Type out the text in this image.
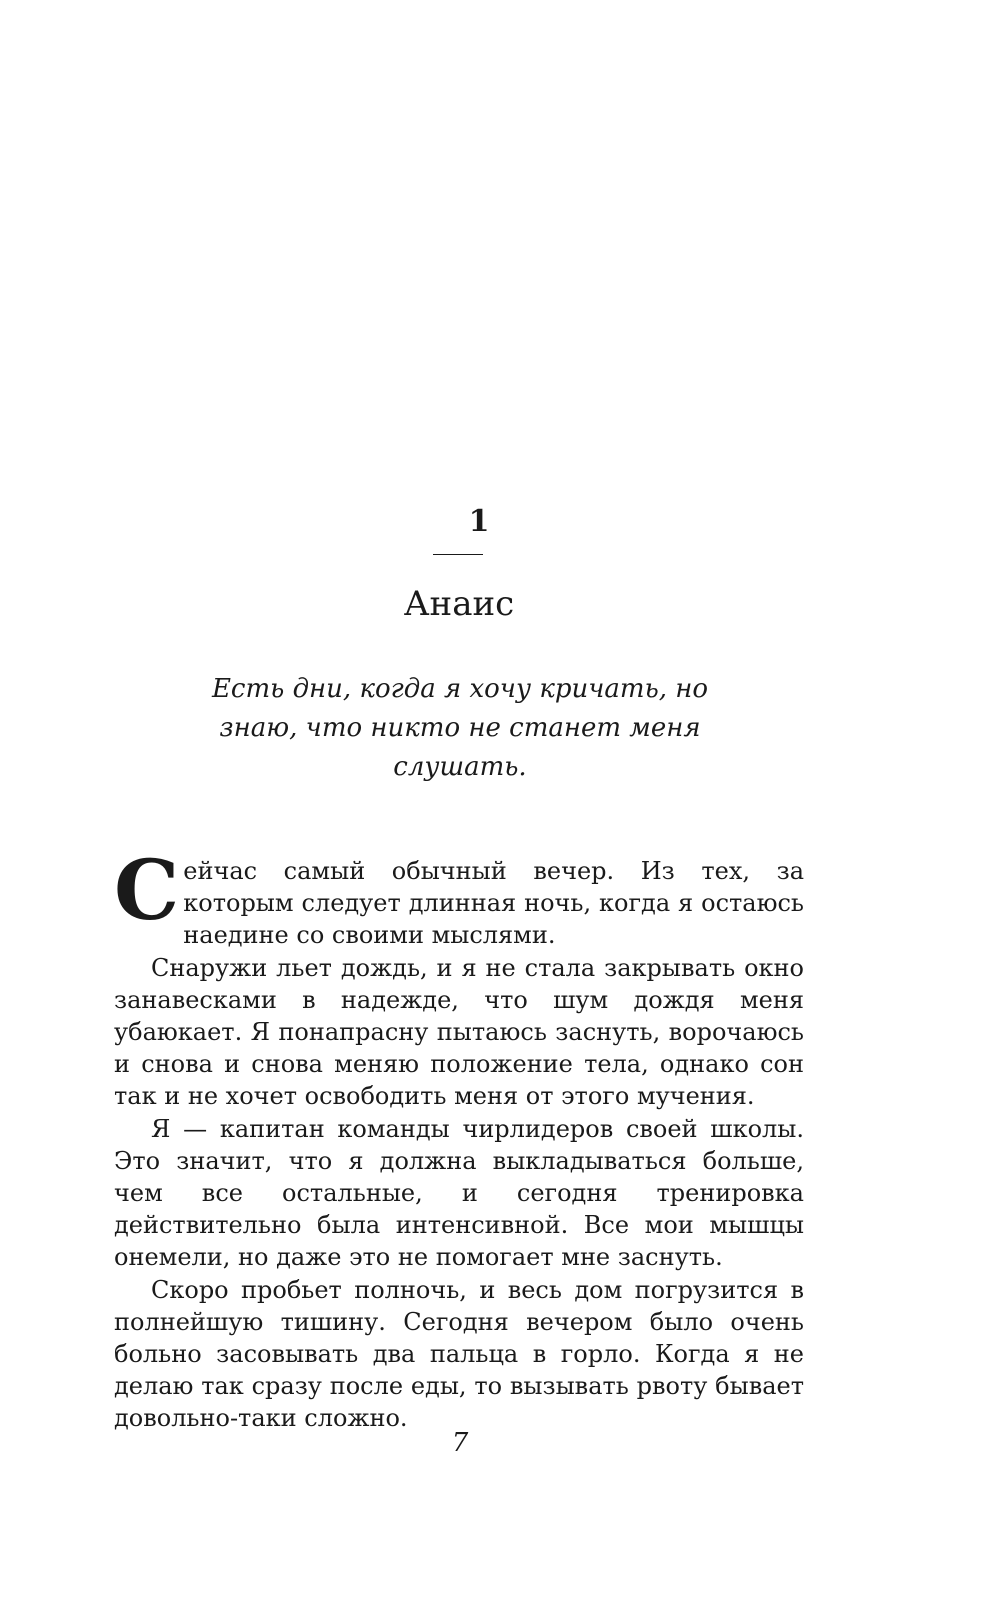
1
Анаис

Есть дни, когда я хочу кричать, но знаю, что никто не станет меня слушать.

Сейчас самый обычный вечер. Из тех, за которым следует длинная ночь, когда я остаюсь наедине со своими мыслями.

Снаружи льет дождь, и я не стала закрывать окно занавесками в надежде, что шум дождя меня убаюкает. Я понапрасну пытаюсь заснуть, ворочаюсь и снова и снова меняю положение тела, однако сон так и не хочет освободить меня от этого мучения.

Я — капитан команды чирлидеров своей школы. Это значит, что я должна выкладываться больше, чем все остальные, и сегодня тренировка действительно была интенсивной. Все мои мышцы онемели, но даже это не помогает мне заснуть.

Скоро пробьет полночь, и весь дом погрузится в полнейшую тишину. Сегодня вечером было очень больно засовывать два пальца в горло. Когда я не делаю так сразу после еды, то вызывать рвоту бывает довольно-таки сложно.

7
